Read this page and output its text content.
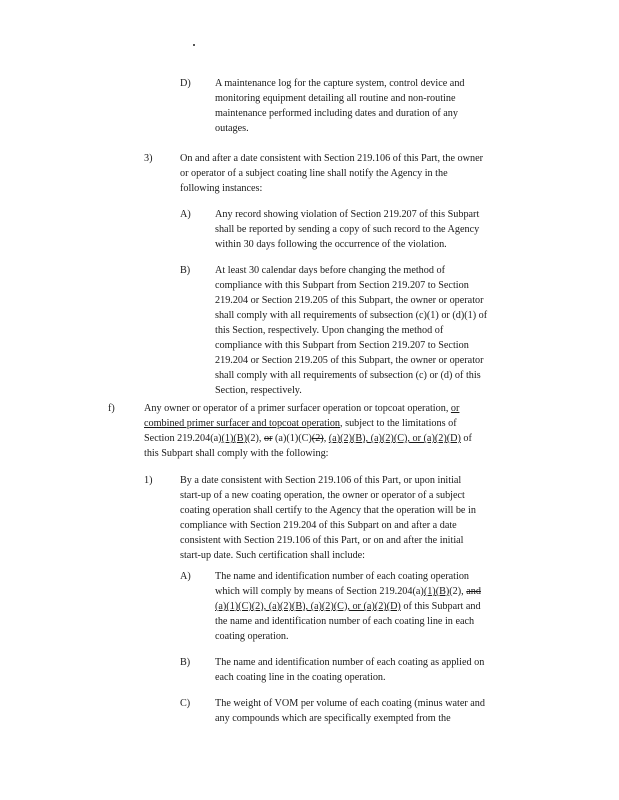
D) A maintenance log for the capture system, control device and
monitoring equipment detailing all routine and non-routine
maintenance performed including dates and duration of any
outages.
3)	On and after a date consistent with Section 219.106 of this Part, the owner
or operator of a subject coating line shall notify the Agency in the
following instances:
A) Any record showing violation of Section 219.207 of this Subpart
shall be reported by sending a copy of such record to the Agency
within 30 days following the occurrence of the violation.
B) At least 30 calendar days before changing the method of
compliance with this Subpart from Section 219.207 to Section
219.204 or Section 219.205 of this Subpart, the owner or operator
shall comply with all requirements of subsection (c)(1) or (d)(1) of
this Section, respectively. Upon changing the method of
compliance with this Subpart from Section 219.207 to Section
219.204 or Section 219.205 of this Subpart, the owner or operator
shall comply with all requirements of subsection (c) or (d) of this
Section, respectively.
f)	Any owner or operator of a primer surfacer operation or topcoat operation, or
combined primer surfacer and topcoat operation, subject to the limitations of
Section 219.204(a)(1)(B)(2), or (a)(1)(C)(2), (a)(2)(B), (a)(2)(C), or (a)(2)(D) of
this Subpart shall comply with the following:
1)	By a date consistent with Section 219.106 of this Part, or upon initial
start-up of a new coating operation, the owner or operator of a subject
coating operation shall certify to the Agency that the operation will be in
compliance with Section 219.204 of this Subpart on and after a date
consistent with Section 219.106 of this Part, or on and after the initial
start-up date. Such certification shall include:
A) The name and identification number of each coating operation
which will comply by means of Section 219.204(a)(1)(B)(2), and
(a)(1)(C)(2), (a)(2)(B), (a)(2)(C), or (a)(2)(D) of this Subpart and
the name and identification number of each coating line in each
coating operation.
B) The name and identification number of each coating as applied on
each coating line in the coating operation.
C) The weight of VOM per volume of each coating (minus water and
any compounds which are specifically exempted from the
